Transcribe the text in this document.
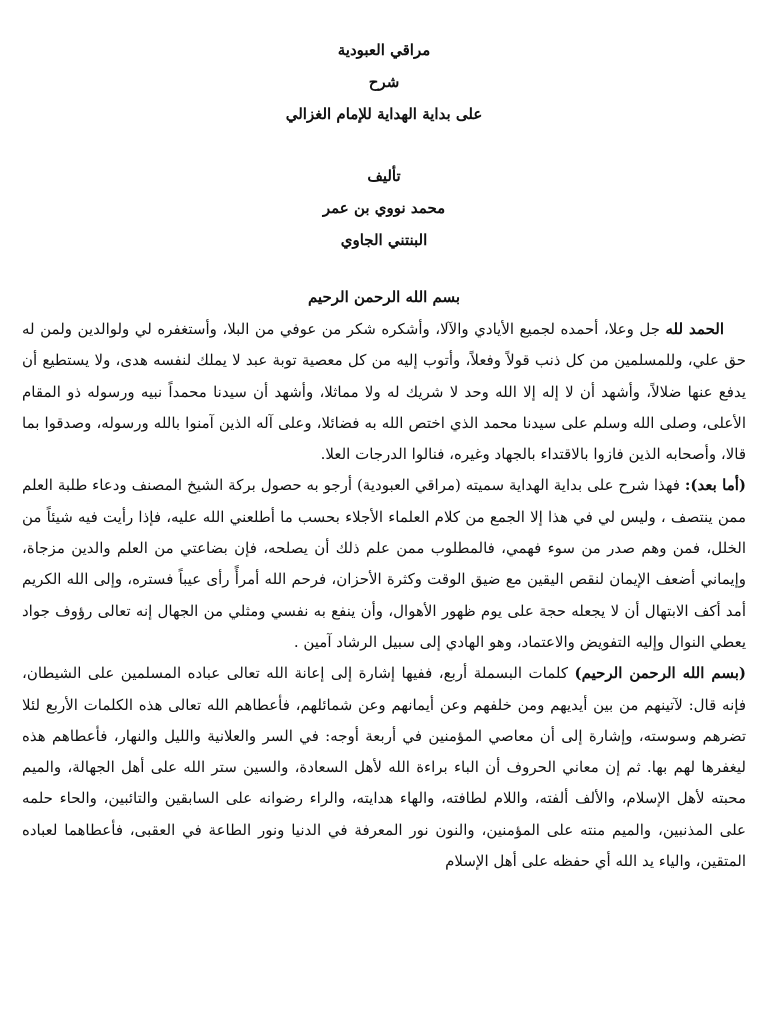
مراقي العبودية
شرح
على بداية الهداية للإمام الغزالي
تأليف
محمد نووي بن عمر
البنتني الجاوي
بسم الله الرحمن الرحيم

الحمد لله جل وعلا، أحمده لجميع الأيادي والآلا، وأشكره شكر من عوفي من البلا، وأستغفره لي ولوالدين ولمن له حق علي، وللمسلمين من كل ذنب قولاً وفعلاً، وأتوب إليه من كل معصية توبة عبد لا يملك لنفسه هدى، ولا يستطيع أن يدفع عنها ضلالاً، وأشهد أن لا إله إلا الله وحد لا شريك له ولا مماثلا، وأشهد أن سيدنا محمداً نبيه ورسوله ذو المقام الأعلى، وصلى الله وسلم على سيدنا محمد الذي اختص الله به فضائلا، وعلى آله الذين آمنوا بالله ورسوله، وصدقوا بما قالا، وأصحابه الذين فازوا بالاقتداء بالجهاد وغيره، فنالوا الدرجات العلا.

(أما بعد): فهذا شرح على بداية الهداية سميته (مراقي العبودية) أرجو به حصول بركة الشيخ المصنف ودعاء طلبة العلم ممن ينتصف ، وليس لي في هذا إلا الجمع من كلام العلماء الأجلاء بحسب ما أطلعني الله عليه، فإذا رأيت فيه شيئاً من الخلل، فمن وهم صدر من سوء فهمي، فالمطلوب ممن علم ذلك أن يصلحه، فإن بضاعتي من العلم والدين مزجاة، وإيماني أضعف الإيمان لنقص اليقين مع ضيق الوقت وكثرة الأحزان، فرحم الله أمرأً رأى عيباً فستره، وإلى الله الكريم أمد أكف الابتهال أن لا يجعله حجة على يوم ظهور الأهوال، وأن ينفع به نفسي ومثلي من الجهال إنه تعالى رؤوف جواد يعطي النوال وإليه التفويض والاعتماد، وهو الهادي إلى سبيل الرشاد آمين .

(بسم الله الرحمن الرحيم) كلمات البسملة أربع، ففيها إشارة إلى إعانة الله تعالى عباده المسلمين على الشيطان، فإنه قال: لآتينهم من بين أيديهم ومن خلفهم وعن أيمانهم وعن شمائلهم، فأعطاهم الله تعالى هذه الكلمات الأربع لئلا تضرهم وسوسته، وإشارة إلى أن معاصي المؤمنين في أربعة أوجه: في السر والعلانية والليل والنهار، فأعطاهم هذه ليغفرها لهم بها. ثم إن معاني الحروف أن الباء براءة الله لأهل السعادة، والسين ستر الله على أهل الجهالة، والميم محبته لأهل الإسلام، والألف ألفته، واللام لطافته، والهاء هدايته، والراء رضوانه على السابقين والتائبين، والحاء حلمه على المذنبين، والميم منته على المؤمنين، والنون نور المعرفة في الدنيا ونور الطاعة في العقبى، فأعطاهما لعباده المتقين، والياء يد الله أي حفظه على أهل الإسلام
